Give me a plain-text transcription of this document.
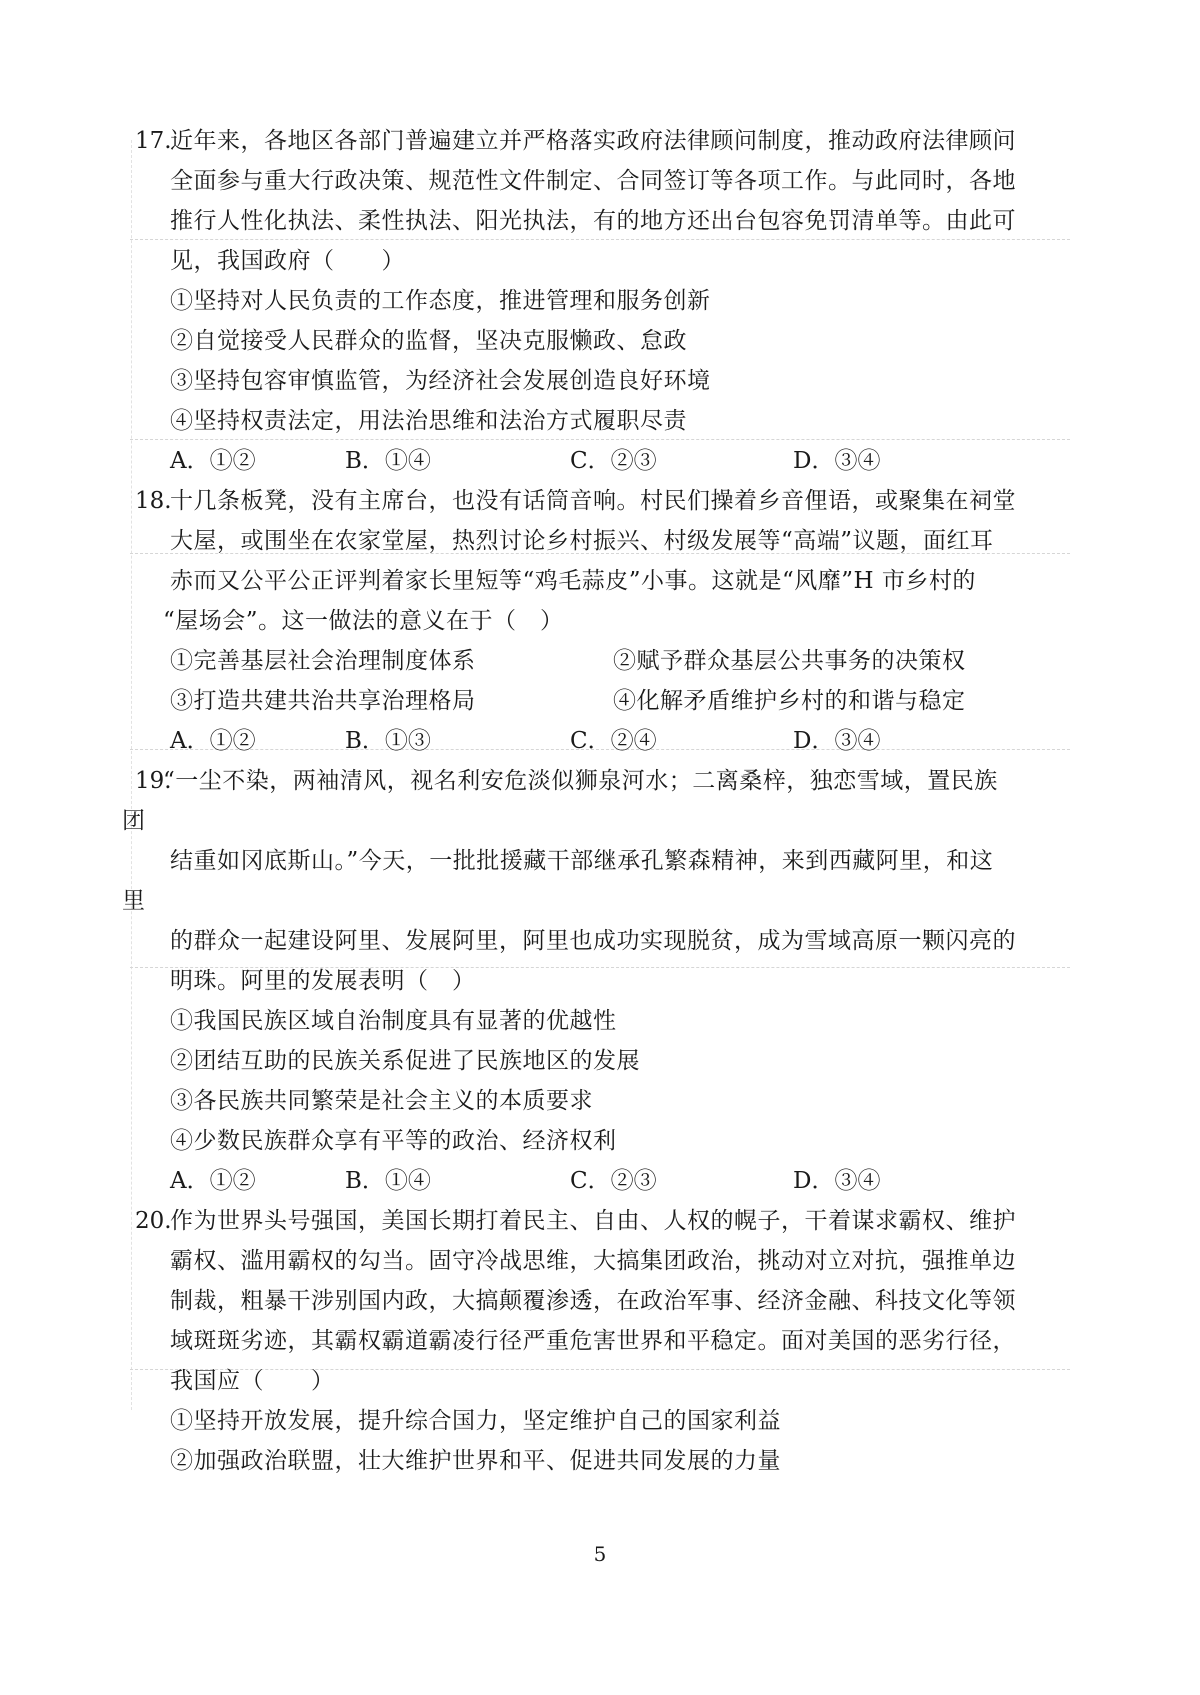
17.
近年来，各地区各部门普遍建立并严格落实政府法律顾问制度，推动政府法律顾问
全面参与重大行政决策、规范性文件制定、合同签订等各项工作。与此同时，各地
推行人性化执法、柔性执法、阳光执法，有的地方还出台包容免罚清单等。由此可
见，我国政府（　　）
①坚持对人民负责的工作态度，推进管理和服务创新
②自觉接受人民群众的监督，坚决克服懒政、怠政
③坚持包容审慎监管，为经济社会发展创造良好环境
④坚持权责法定，用法治思维和法治方式履职尽责
A．①②	B．①④	C．②③	D．③④
18.
十几条板凳，没有主席台，也没有话筒音响。村民们操着乡音俚语，或聚集在祠堂
大屋，或围坐在农家堂屋，热烈讨论乡村振兴、村级发展等“高端”议题，面红耳
赤而又公平公正评判着家长里短等“鸡毛蒜皮”小事。这就是“风靡”H 市乡村的
“屋场会”。这一做法的意义在于（　）
①完善基层社会治理制度体系	②赋予群众基层公共事务的决策权
③打造共建共治共享治理格局	④化解矛盾维护乡村的和谐与稳定
A．①②	B．①③	C．②④	D．③④
19.
“一尘不染，两袖清风，视名利安危淡似狮泉河水；二离桑梓，独恋雪域，置民族
团
结重如冈底斯山。”今天，一批批援藏干部继承孔繁森精神，来到西藏阿里，和这
里
的群众一起建设阿里、发展阿里，阿里也成功实现脱贫，成为雪域高原一颗闪亮的
明珠。阿里的发展表明（　）
①我国民族区域自治制度具有显著的优越性
②团结互助的民族关系促进了民族地区的发展
③各民族共同繁荣是社会主义的本质要求
④少数民族群众享有平等的政治、经济权利
A．①②	B．①④	C．②③	D．③④
20.
作为世界头号强国，美国长期打着民主、自由、人权的幌子，干着谋求霸权、维护
霸权、滥用霸权的勾当。固守冷战思维，大搞集团政治，挑动对立对抗，强推单边
制裁，粗暴干涉别国内政，大搞颠覆渗透，在政治军事、经济金融、科技文化等领
域斑斑劣迹，其霸权霸道霸凌行径严重危害世界和平稳定。面对美国的恶劣行径，
我国应（　　）
①坚持开放发展，提升综合国力，坚定维护自己的国家利益
②加强政治联盟，壮大维护世界和平、促进共同发展的力量
5
